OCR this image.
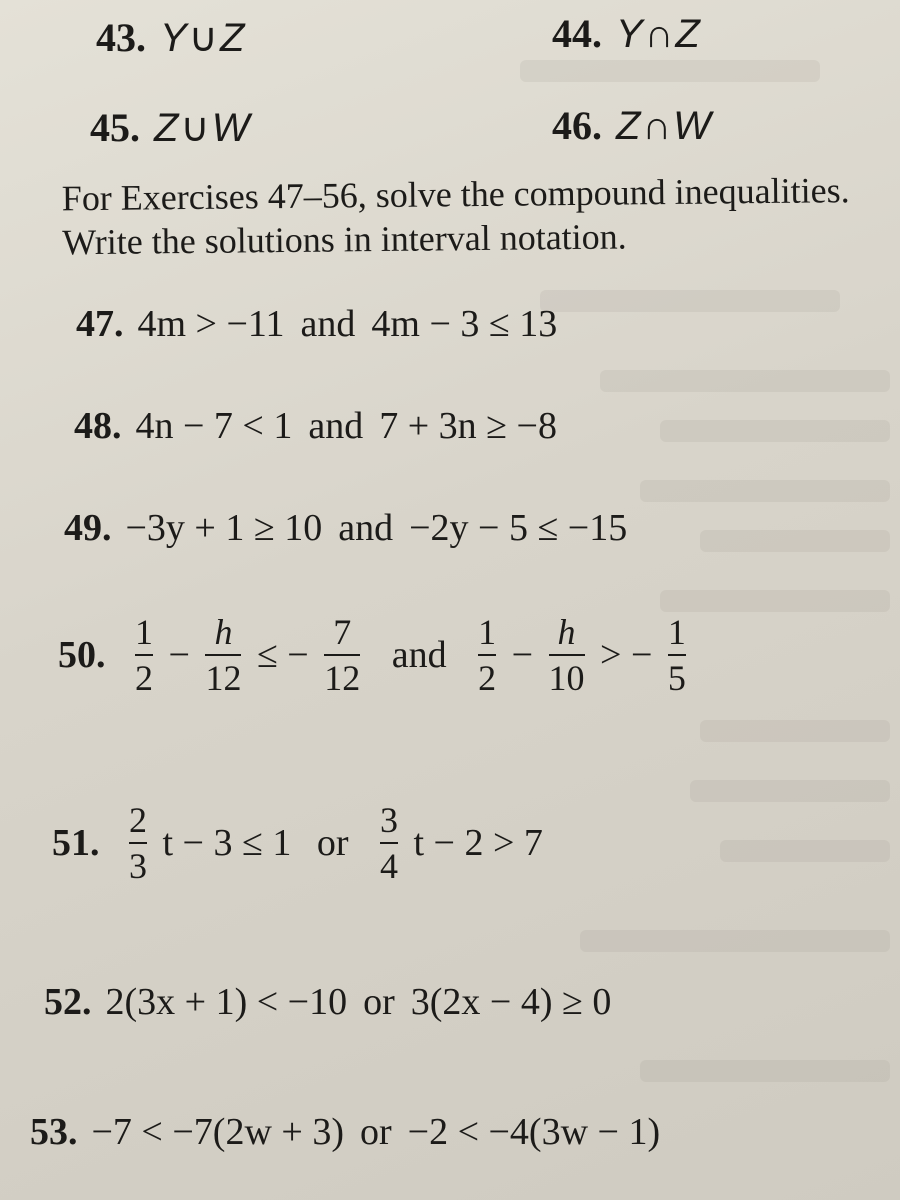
43. Y∪Z	44. Y∩Z
45. Z∪W	46. Z∩W
For Exercises 47–56, solve the compound inequalities.
Write the solutions in interval notation.
47. 4m > −11 and 4m − 3 ≤ 13
48. 4n − 7 < 1 and 7 + 3n ≥ −8
49. −3y + 1 ≥ 10 and −2y − 5 ≤ −15
50. $\frac{1}{2} - \frac{h}{12}$ ≤ − $\frac{7}{12}$ and $\frac{1}{2} - \frac{h}{10}$ > − $\frac{1}{5}$
51. $\frac{2}{3}$ t − 3 ≤ 1 or $\frac{3}{4}$ t − 2 > 7
52. 2(3x + 1) < −10 or 3(2x − 4) ≥ 0
53. −7 < −7(2w + 3) or −2 < −4(3w − 1)
